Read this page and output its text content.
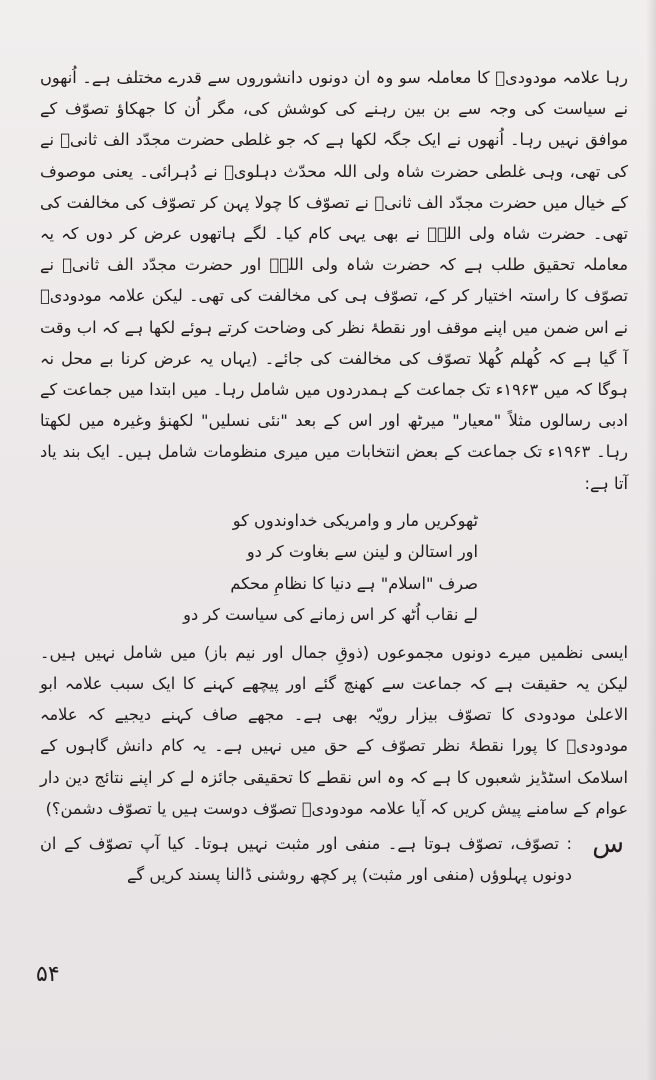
رہا علامہ مودودیؒ کا معاملہ سو وہ ان دونوں دانشوروں سے قدرے مختلف ہے۔ اُنھوں نے سیاست کی وجہ سے بن بین رہنے کی کوشش کی، مگر اُن کا جھکاؤ تصوّف کے موافق نہیں رہا۔ اُنھوں نے ایک جگہ لکھا ہے کہ جو غلطی حضرت مجدّد الف ثانیؒ نے کی تھی، وہی غلطی حضرت شاہ ولی اللہ محدّث دہلویؒ نے دُہرائی۔ یعنی موصوف کے خیال میں حضرت مجدّد الف ثانیؒ نے تصوّف کا چولا پہن کر تصوّف کی مخالفت کی تھی۔ حضرت شاہ ولی اللہؒ نے بھی یہی کام کیا۔ لگے ہاتھوں عرض کر دوں کہ یہ معاملہ تحقیق طلب ہے کہ حضرت شاہ ولی اللہؒ اور حضرت مجدّد الف ثانیؒ نے تصوّف کا راستہ اختیار کر کے، تصوّف ہی کی مخالفت کی تھی۔ لیکن علامہ مودودیؒ نے اس ضمن میں اپنے موقف اور نقطۂ نظر کی وضاحت کرتے ہوئے لکھا ہے کہ اب وقت آ گیا ہے کہ کُھلم کُھلا تصوّف کی مخالفت کی جائے۔ (یہاں یہ عرض کرنا بے محل نہ ہوگا کہ میں ۱۹۶۳ء تک جماعت کے ہمدردوں میں شامل رہا۔ میں ابتدا میں جماعت کے ادبی رسالوں مثلاً "معیار" میرٹھ اور اس کے بعد "نئی نسلیں" لکھنؤ وغیرہ میں لکھتا رہا۔ ۱۹۶۳ء تک جماعت کے بعض انتخابات میں میری منظومات شامل ہیں۔ ایک بند یاد آتا ہے:

ٹھوکریں مار و وامریکی خداوندوں کو

اور استالن و لینن سے بغاوت کر دو

صرف "اسلام" ہے دنیا کا نظامِ محکم

لے نقاب اُٹھ کر اس زمانے کی سیاست کر دو

ایسی نظمیں میرے دونوں مجموعوں (ذوقِ جمال اور نیم باز) میں شامل نہیں ہیں۔ لیکن یہ حقیقت ہے کہ جماعت سے کھنچ گئے اور پیچھے کہنے کا ایک سبب علامہ ابو الاعلیٰ مودودی کا تصوّف بیزار رویّہ بھی ہے۔ مجھے صاف کہنے دیجیے کہ علامہ مودودیؒ کا پورا نقطۂ نظر تصوّف کے حق میں نہیں ہے۔ یہ کام دانش گاہوں کے اسلامک اسٹڈیز شعبوں کا ہے کہ وہ اس نقطے کا تحقیقی جائزہ لے کر اپنے نتائج دین دار عوام کے سامنے پیش کریں کہ آیا علامہ مودودیؒ تصوّف دوست ہیں یا تصوّف دشمن؟)

س

: تصوّف، تصوّف ہوتا ہے۔ منفی اور مثبت نہیں ہوتا۔ کیا آپ تصوّف کے ان دونوں پہلوؤں (منفی اور مثبت) پر کچھ روشنی ڈالنا پسند کریں گے

۵۴
